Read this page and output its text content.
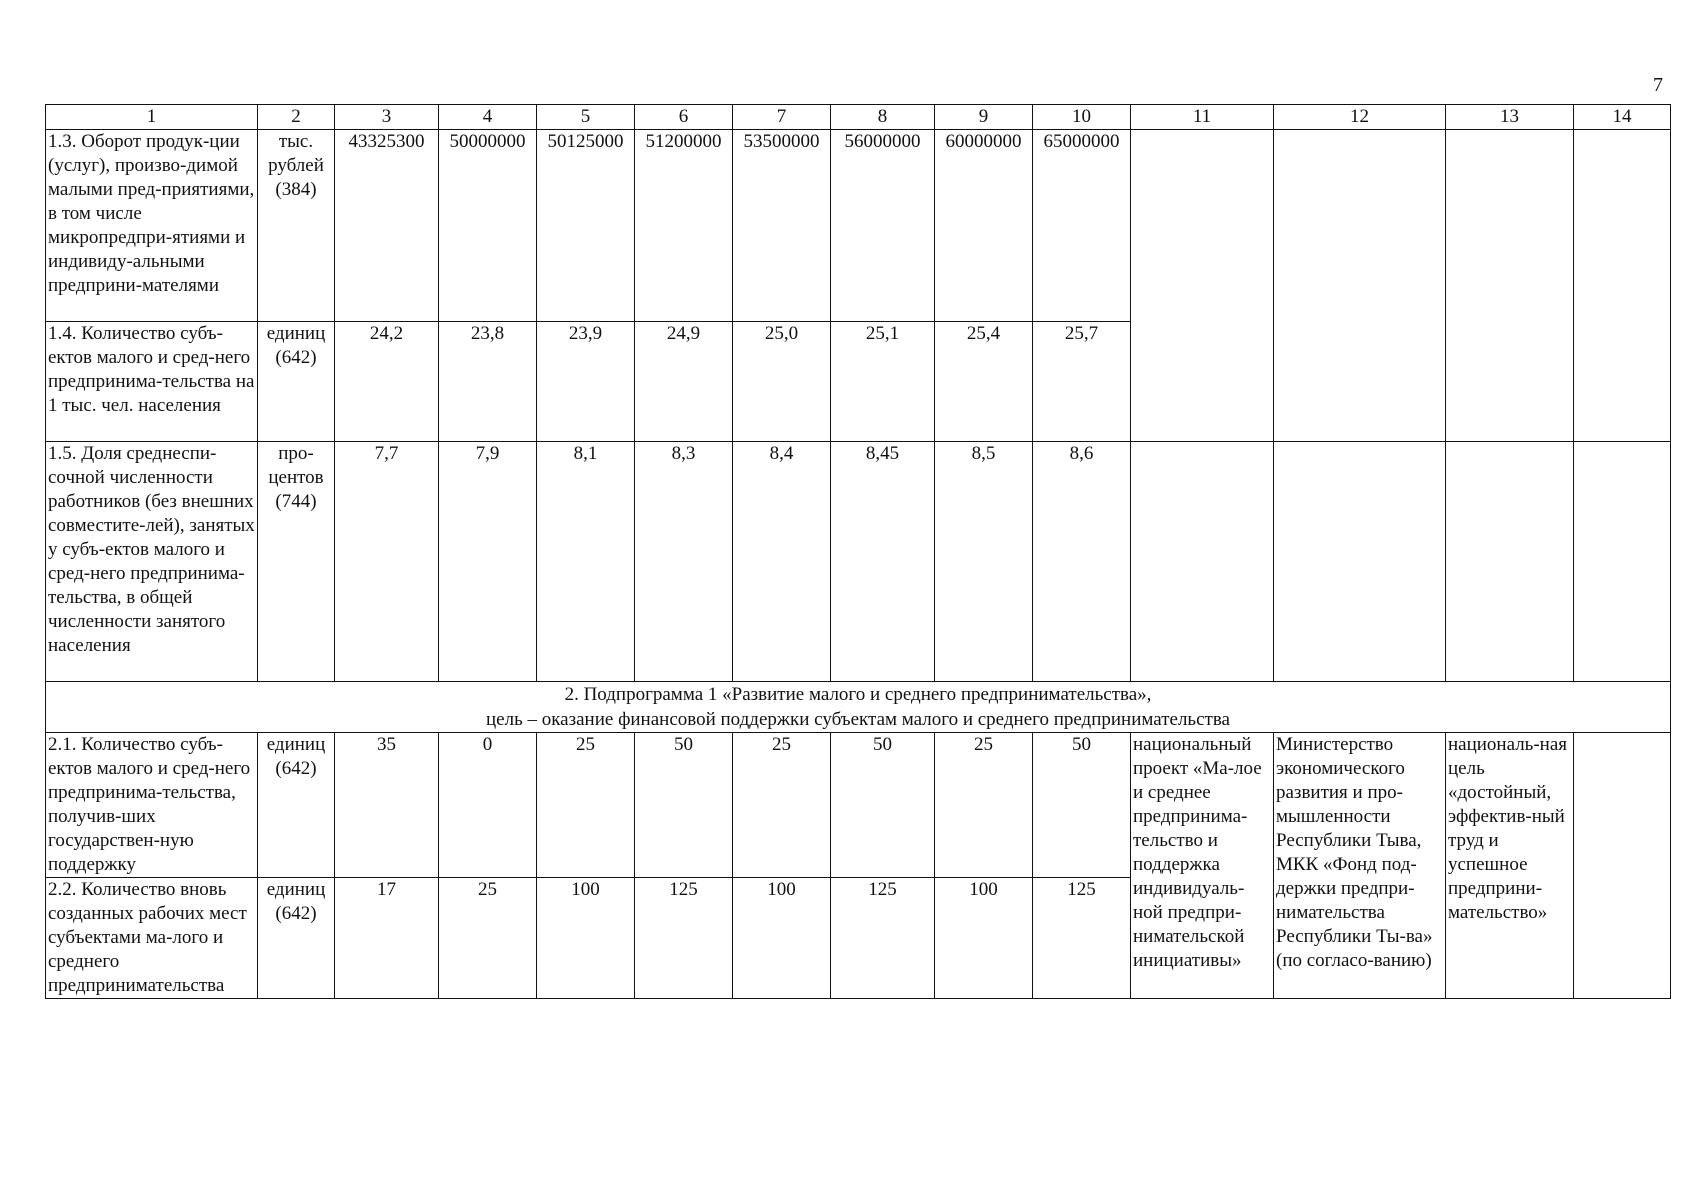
7
1	2	3	4	5	6	7	8	9	10	11	12	13	14
1.3. Оборот продук-ции (услуг), произво-димой малыми пред-приятиями, в том числе микропредпри-ятиями и индивиду-альными предприни-мателями	тыс. рублей (384)	43325300	50000000	50125000	51200000	53500000	56000000	60000000	65000000				
1.4. Количество субъ-ектов малого и сред-него предпринима-тельства на 1 тыс. чел. населения	единиц (642)	24,2	23,8	23,9	24,9	25,0	25,1	25,4	25,7				
1.5. Доля среднеспи-сочной численности работников (без внешних совместите-лей), занятых у субъ-ектов малого и сред-него предпринима-тельства, в общей численности занятого населения	про-центов (744)	7,7	7,9	8,1	8,3	8,4	8,45	8,5	8,6				

2. Подпрограмма 1 «Развитие малого и среднего предпринимательства»,
цель – оказание финансовой поддержки субъектам малого и среднего предпринимательства													

2.1. Количество субъ-ектов малого и сред-него предпринима-тельства, получив-ших государствен-ную поддержку	единиц (642)	35	0	25	50	25	50	25	50	национальный проект «Ма-лое и среднее предпринима-тельство и поддержка индивидуаль-ной предпри-нимательской инициативы»	Министерство экономического развития и про-мышленности Республики Тыва, МКК «Фонд под-держки предпри-нимательства Республики Ты-ва» (по согласо-ванию)	националь-ная цель «достойный, эффектив-ный труд и успешное предприни-мательство»	
2.2. Количество вновь созданных рабочих мест субъектами ма-лого и среднего предпринимательства	единиц (642)	17	25	100	125	100	125	100	125				
